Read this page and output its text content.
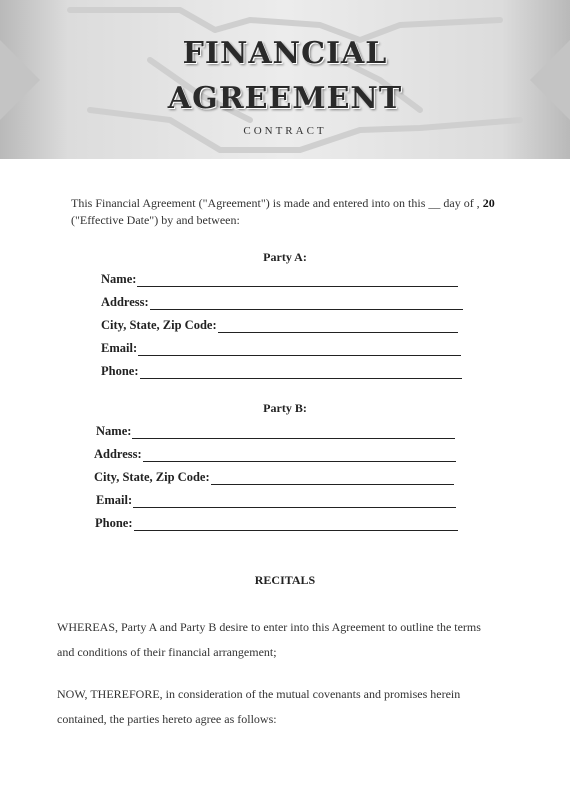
FINANCIAL
AGREEMENT
CONTRACT
This Financial Agreement ("Agreement") is made and entered into on this __ day of , 20
("Effective Date") by and between:
Party A:
Name:
Address:
City, State, Zip Code:
Email:
Phone:
Party B:
Name:
Address:
City, State, Zip Code:
Email:
Phone:
RECITALS
WHEREAS, Party A and Party B desire to enter into this Agreement to outline the terms
and conditions of their financial arrangement;
NOW, THEREFORE, in consideration of the mutual covenants and promises herein
contained, the parties hereto agree as follows:
